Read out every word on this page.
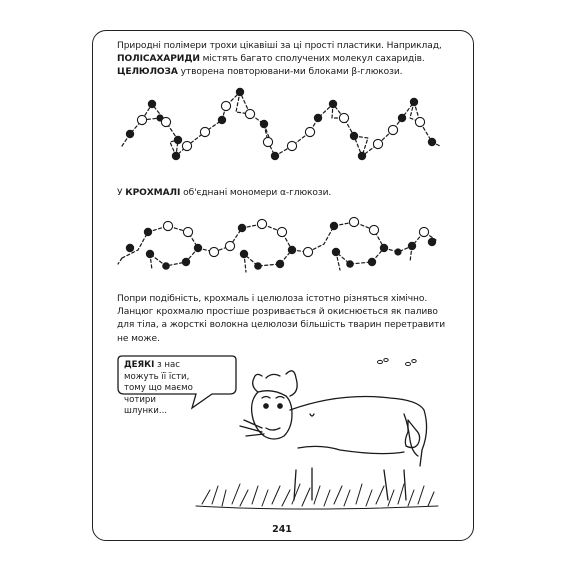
Природні полімери трохи цікавіші за ці прості пластики. Наприклад, ПОЛІСАХАРИДИ містять багато сполучених молекул сахаридів. ЦЕЛЮЛОЗА утворена повторювани-ми блоками β-глюкози.

У КРОХМАЛІ об'єднані мономери α-глюкози.

Попри подібність, крохмаль і целюлоза істотно різняться хімічно. Ланцюг крохмалю простіше розривається й окиснюється як паливо для тіла, а жорсткі волокна целюлози більшість тварин перетравити не може.

ДЕЯКІ з нас можуть її їсти, тому що маємо чотири шлунки...

241
